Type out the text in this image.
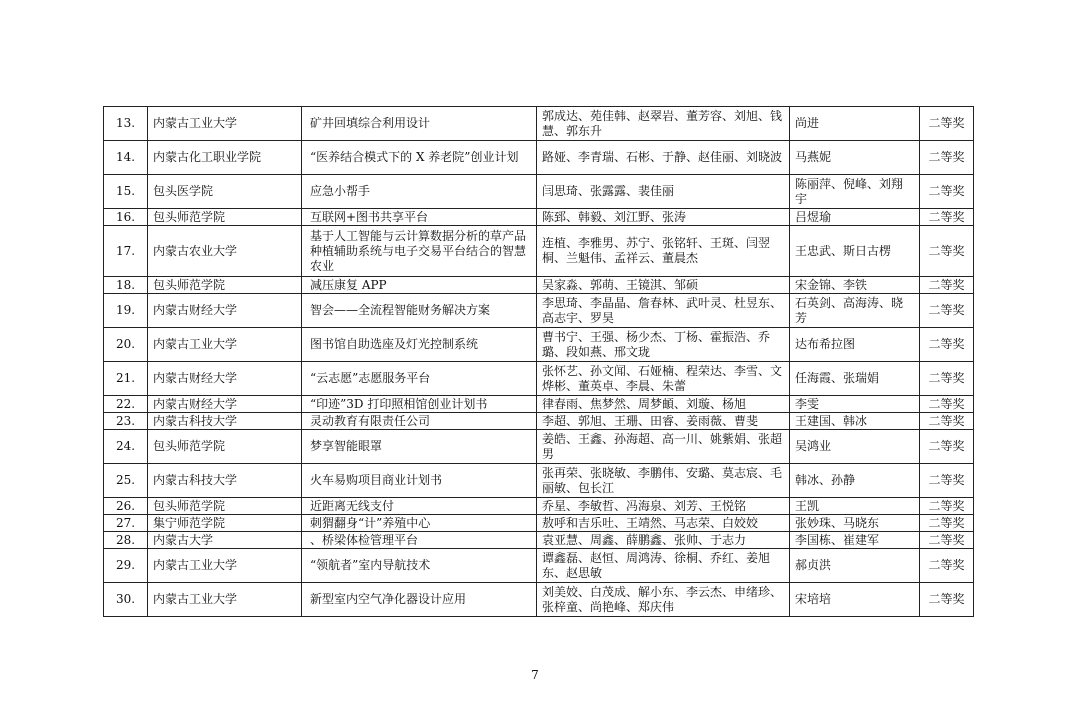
13.	内蒙古工业大学	矿井回填综合利用设计	郭成达、苑佳韩、赵翠岩、董芳容、刘旭、钱慧、郭东升	尚进	二等奖
14.	内蒙古化工职业学院	“医养结合模式下的 X 养老院”创业计划	路娅、李青瑞、石彬、于静、赵佳丽、刘晓波	马燕妮	二等奖
15.	包头医学院	应急小帮手	闫思琦、张露露、裴佳丽	陈丽萍、倪峰、刘翔宇	二等奖
16.	包头师范学院	互联网+图书共享平台	陈郅、韩毅、刘江野、张涛	吕煜瑜	二等奖
17.	内蒙古农业大学	基于人工智能与云计算数据分析的草产品种植辅助系统与电子交易平台结合的智慧农业	连植、李雅男、苏宁、张铭轩、王斑、闫翌桐、兰魁伟、孟祥云、董晨杰	王忠武、斯日古楞	二等奖
18.	包头师范学院	减压康复 APP	吴家淼、郭萌、王镜淇、邹硕	宋金锦、李铁	二等奖
19.	内蒙古财经大学	智会——全流程智能财务解决方案	李思琦、李晶晶、詹春林、武叶灵、杜昱东、高志宇、罗昊	石英剑、高海涛、晓芳	二等奖
20.	内蒙古工业大学	图书馆自助选座及灯光控制系统	曹书宁、王强、杨少杰、丁杨、霍振浩、乔璐、段如燕、邢文珑	达布希拉图	二等奖
21.	内蒙古财经大学	“云志愿”志愿服务平台	张怀艺、孙文闻、石娅楠、程荣达、李雪、文烨彬、董英卓、李晨、朱蕾	任海霞、张瑞娟	二等奖
22.	内蒙古财经大学	“印迹”3D 打印照相馆创业计划书	律春雨、焦梦然、周梦頔、刘璇、杨旭	李雯	二等奖
23.	内蒙古科技大学	灵动教育有限责任公司	李超、郭旭、王珊、田睿、姜雨薇、曹斐	王建国、韩冰	二等奖
24.	包头师范学院	梦享智能眼罩	姜皓、王鑫、孙海超、高一川、姚紫娟、张超男	吴鸿业	二等奖
25.	内蒙古科技大学	火车易购项目商业计划书	张再荣、张晓敏、李鹏伟、安璐、莫志宸、毛丽敏、包长江	韩冰、孙静	二等奖
26.	包头师范学院	近距离无线支付	乔星、李敏哲、冯海泉、刘芳、王悦铭	王凯	二等奖
27.	集宁师范学院	刺猬翻身“计”养殖中心	敖呼和吉乐吐、王靖然、马志荣、白姣姣	张妙珠、马晓东	二等奖
28.	内蒙古大学	、桥梁体检管理平台	袁亚慧、周鑫、薛鹏鑫、张帅、于志力	李国栋、崔建军	二等奖
29.	内蒙古工业大学	“领航者”室内导航技术	谭鑫磊、赵恒、周鸿涛、徐桐、乔红、姜旭东、赵思敏	郝贞洪	二等奖
30.	内蒙古工业大学	新型室内空气净化器设计应用	刘美姣、白茂成、解小东、李云杰、申绪珍、张梓童、尚艳峰、郑庆伟	宋培培	二等奖
7
